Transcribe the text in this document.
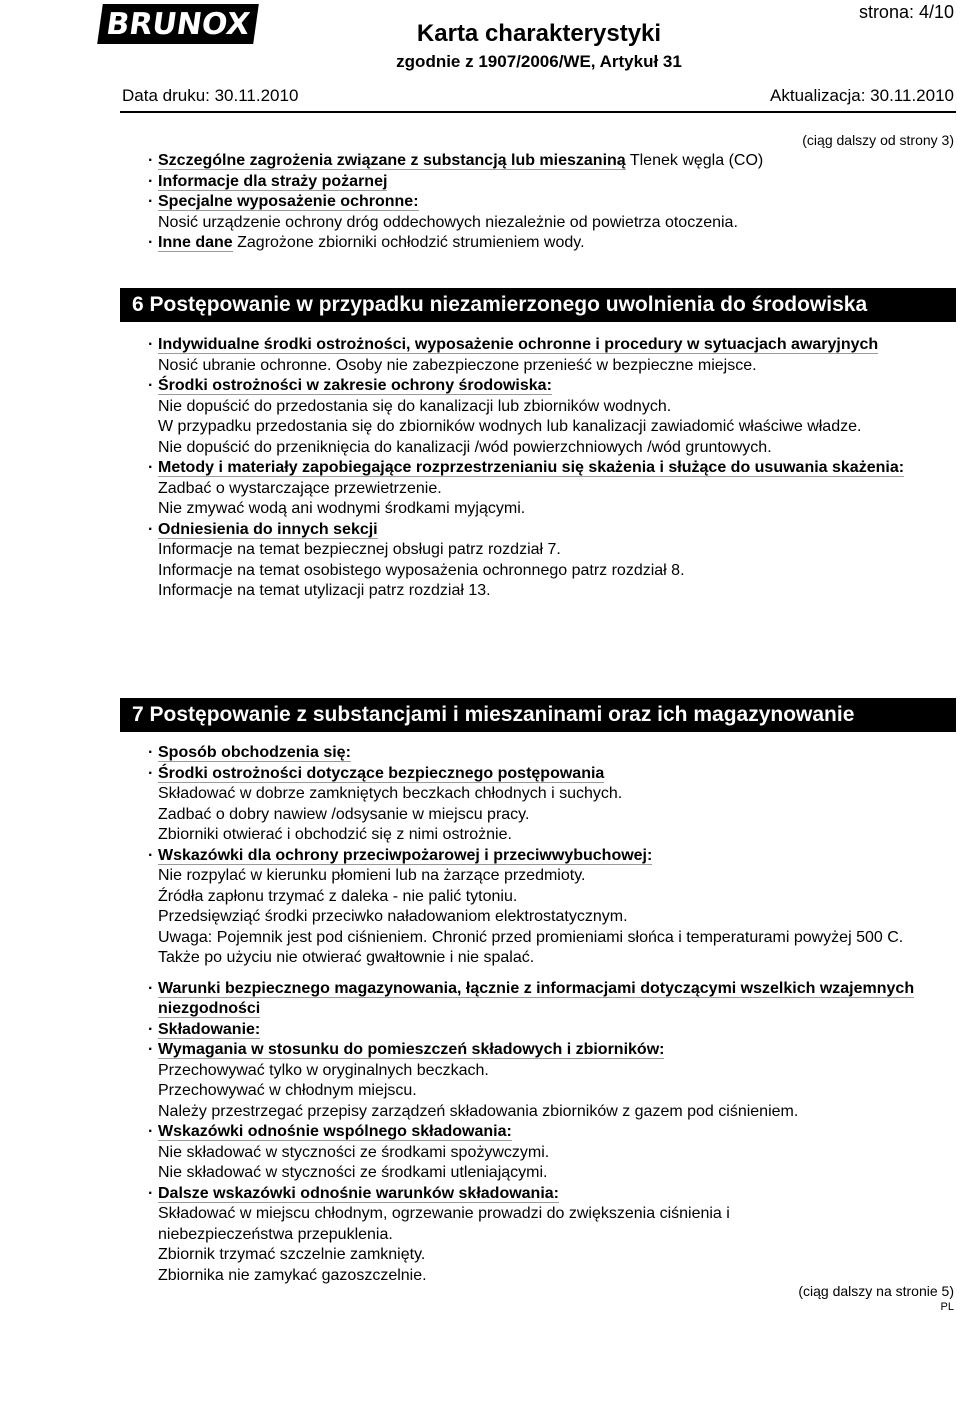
BRUNOX	strona: 4/10
Karta charakterystyki
zgodnie z 1907/2006/WE, Artykuł 31
Data druku: 30.11.2010	Aktualizacja: 30.11.2010
(ciąg dalszy od strony 3)
· Szczególne zagrożenia związane z substancją lub mieszaniną Tlenek węgla (CO)
· Informacje dla straży pożarnej
· Specjalne wyposażenie ochronne:
Nosić urządzenie ochrony dróg oddechowych niezależnie od powietrza otoczenia.
· Inne dane Zagrożone zbiorniki ochłodzić strumieniem wody.
6 Postępowanie w przypadku niezamierzonego uwolnienia do środowiska
· Indywidualne środki ostrożności, wyposażenie ochronne i procedury w sytuacjach awaryjnych
Nosić ubranie ochronne. Osoby nie zabezpieczone przenieść w bezpieczne miejsce.
· Środki ostrożności w zakresie ochrony środowiska:
Nie dopuścić do przedostania się do kanalizacji lub zbiorników wodnych.
W przypadku przedostania się do zbiorników wodnych lub kanalizacji zawiadomić właściwe władze.
Nie dopuścić do przeniknięcia do kanalizacji /wód powierzchniowych /wód gruntowych.
· Metody i materiały zapobiegające rozprzestrzenianiu się skażenia i służące do usuwania skażenia:
Zadbać o wystarczające przewietrzenie.
Nie zmywać wodą ani wodnymi środkami myjącymi.
· Odniesienia do innych sekcji
Informacje na temat bezpiecznej obsługi patrz rozdział 7.
Informacje na temat osobistego wyposażenia ochronnego patrz rozdział 8.
Informacje na temat utylizacji patrz rozdział 13.
7 Postępowanie z substancjami i mieszaninami oraz ich magazynowanie
· Sposób obchodzenia się:
· Środki ostrożności dotyczące bezpiecznego postępowania
Składować w dobrze zamkniętych beczkach chłodnych i suchych.
Zadbać o dobry nawiew /odsysanie w miejscu pracy.
Zbiorniki otwierać i obchodzić się z nimi ostrożnie.
· Wskazówki dla ochrony przeciwpożarowej i przeciwwybuchowej:
Nie rozpylać w kierunku płomieni lub na żarzące przedmioty.
Źródła zapłonu trzymać z daleka - nie palić tytoniu.
Przedsięwziąć środki przeciwko naładowaniom elektrostatycznym.
Uwaga: Pojemnik jest pod ciśnieniem. Chronić przed promieniami słońca i temperaturami powyżej 500 C. Także po użyciu nie otwierać gwałtownie i nie spalać.
· Warunki bezpiecznego magazynowania, łącznie z informacjami dotyczącymi wszelkich wzajemnych niezgodności
· Składowanie:
· Wymagania w stosunku do pomieszczeń składowych i zbiorników:
Przechowywać tylko w oryginalnych beczkach.
Przechowywać w chłodnym miejscu.
Należy przestrzegać przepisy zarządzeń składowania zbiorników z gazem pod ciśnieniem.
· Wskazówki odnośnie wspólnego składowania:
Nie składować w styczności ze środkami spożywczymi.
Nie składować w styczności ze środkami utleniającymi.
· Dalsze wskazówki odnośnie warunków składowania:
Składować w miejscu chłodnym, ogrzewanie prowadzi do zwiększenia ciśnienia i niebezpieczeństwa przepuklenia.
Zbiornik trzymać szczelnie zamknięty.
Zbiornika nie zamykać gazoszczelnie.
(ciąg dalszy na stronie 5)
PL
